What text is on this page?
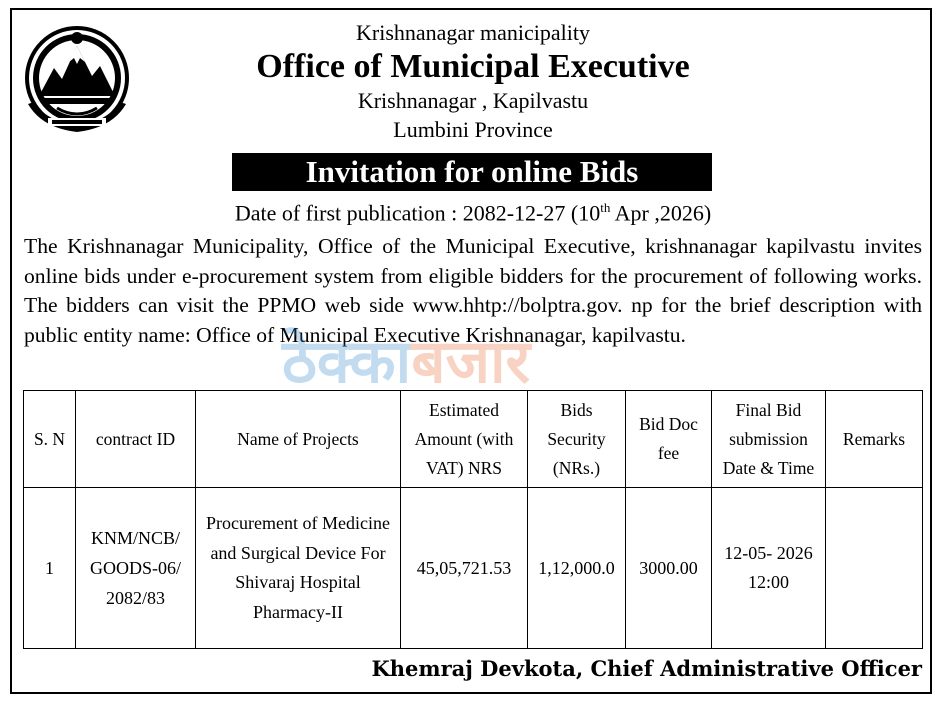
Krishnanagar manicipality
Office of Municipal Executive
Krishnanagar , Kapilvastu
Lumbini Province
Invitation for online Bids
Date of first publication : 2082-12-27 (10th Apr ,2026)
The Krishnanagar Municipality, Office of the Municipal Executive, krishnanagar kapilvastu invites online bids under e-procurement system from eligible bidders for the procurement of following works. The bidders can visit the PPMO web side www.hhtp://bolptra.gov. np for the brief description with public entity name: Office of Municipal Executive Krishnanagar, kapilvastu.
ठेक्काबजार
S. N	contract ID	Name of Projects	Estimated Amount (with VAT) NRS	Bids Security (NRs.)	Bid Doc fee	Final Bid submission Date & Time	Remarks
1	KNM/NCB/ GOODS-06/ 2082/83	Procurement of Medicine and Surgical Device For Shivaraj Hospital Pharmacy-II	45,05,721.53	1,12,000.0	3000.00	12-05- 2026 12:00	
Khemraj Devkota, Chief Administrative Officer
